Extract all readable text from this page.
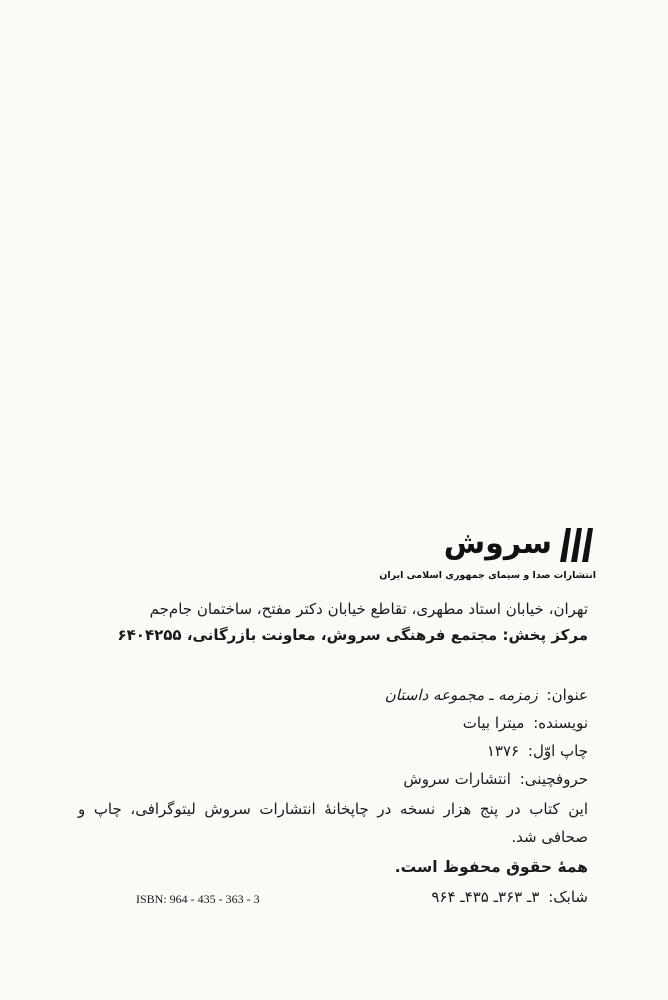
سروش
انتشارات صدا و سیمای جمهوری اسلامی ایران
تهران، خیابان استاد مطهری، تقاطع خیابان دکتر مفتح، ساختمان جام‌جم
مرکز پخش: مجتمع فرهنگی سروش، معاونت بازرگانی، ۶۴۰۴۲۵۵
عنوان: زمزمه ـ مجموعه داستان
نویسنده: میترا بیات
چاپ اوّل: ۱۳۷۶
حروفچینی: انتشارات سروش
این کتاب در پنج هزار نسخه در چاپخانهٔ انتشارات سروش لیتوگرافی، چاپ و
صحافی شد.
همهٔ حقوق محفوظ است.
شابک: ۳ـ ۳۶۳ـ ۴۳۵ـ ۹۶۴
ISBN: 964 - 435 - 363 - 3
